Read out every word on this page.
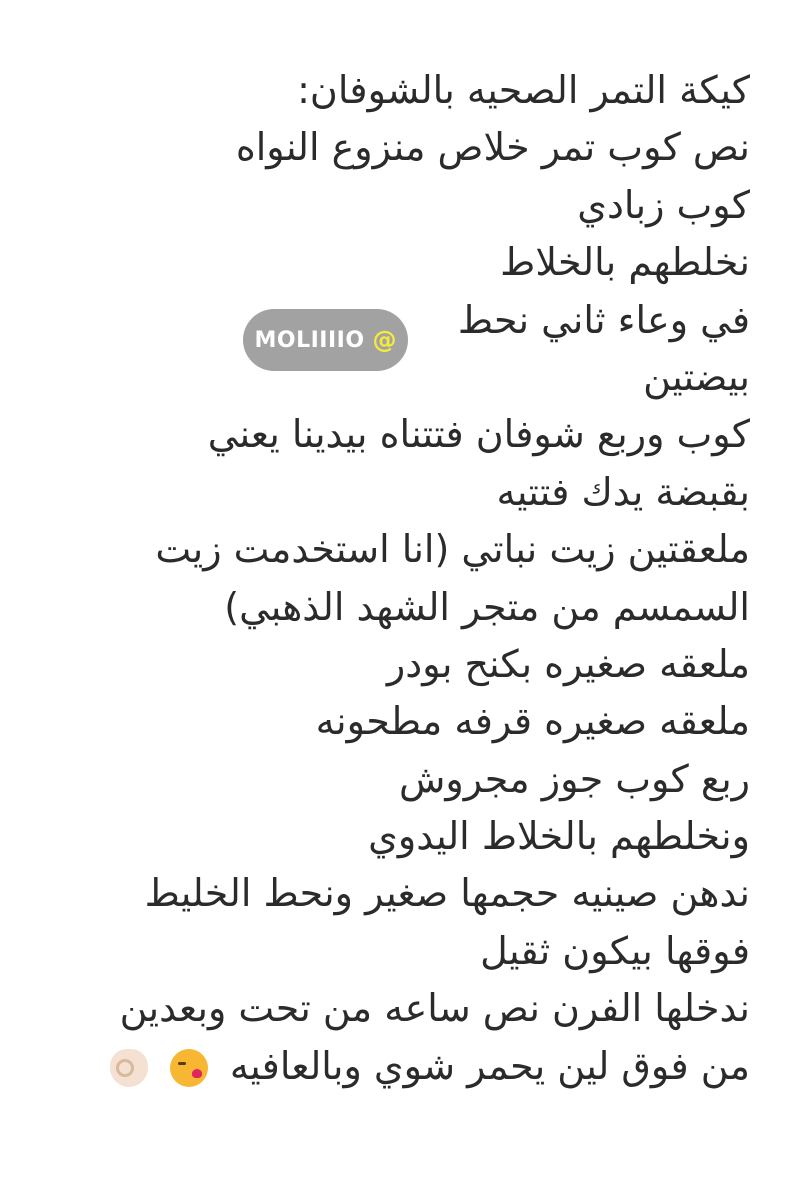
كيكة التمر الصحيه بالشوفان:
نص كوب تمر خلاص منزوع النواه
كوب زبادي
نخلطهم بالخلاط
في وعاء ثاني نحط
بيضتين
كوب وربع شوفان فتتناه بيدينا يعني
بقبضة يدك فتتيه
ملعقتين زيت نباتي (انا استخدمت زيت
السمسم من متجر الشهد الذهبي)
ملعقه صغيره بكنح بودر
ملعقه صغيره قرفه مطحونه
ربع كوب جوز مجروش
ونخلطهم بالخلاط اليدوي
ندهن صينيه حجمها صغير ونحط الخليط
فوقها بيكون ثقيل
ندخلها الفرن نص ساعه من تحت وبعدين
من فوق لين يحمر شوي وبالعافيه
@
MOLIIIIO
